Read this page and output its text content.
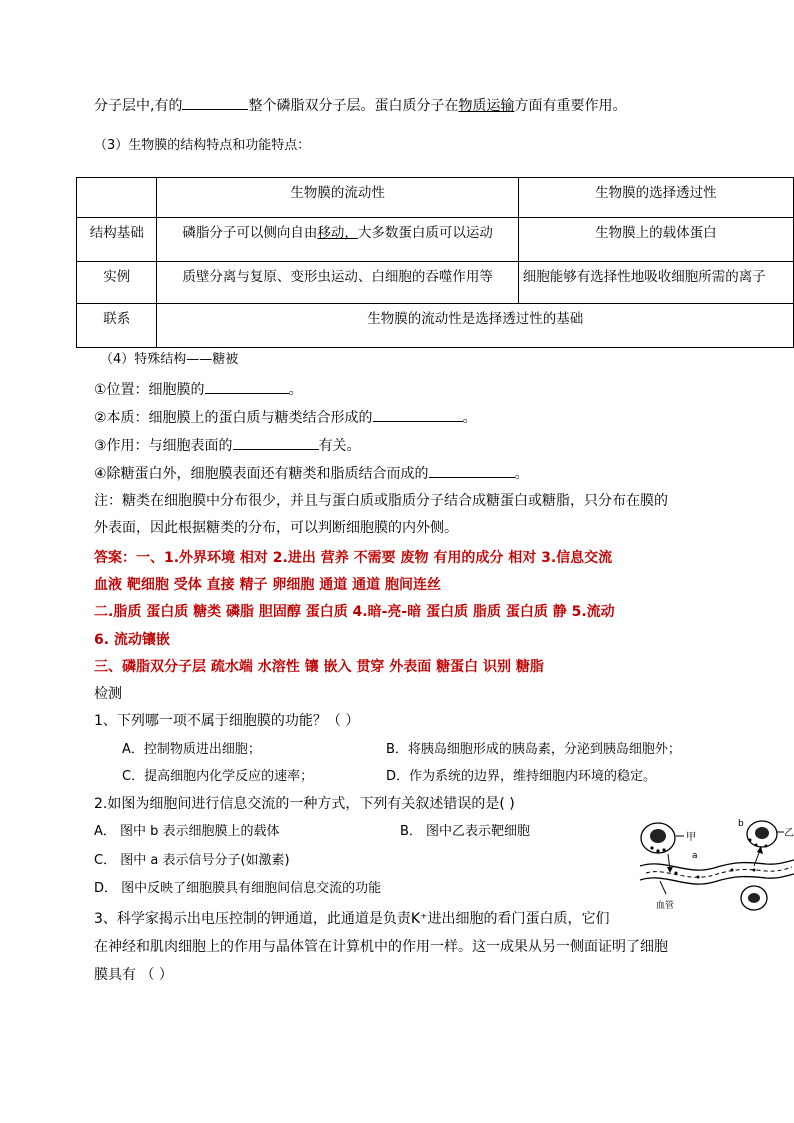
分子层中,有的	整个磷脂双分子层。蛋白质分子在物质运输方面有重要作用。
（3）生物膜的结构特点和功能特点：
	生物膜的流动性	生物膜的选择透过性
结构基础	磷脂分子可以侧向自由移动，大多数蛋白质可以运动	生物膜上的载体蛋白
实例	质壁分离与复原、变形虫运动、白细胞的吞噬作用等	细胞能够有选择性地吸收细胞所需的离子
联系	生物膜的流动性是选择透过性的基础	
（4）特殊结构——糖被
①位置：细胞膜的	。
②本质：细胞膜上的蛋白质与糖类结合形成的	。
③作用：与细胞表面的	有关。
④除糖蛋白外，细胞膜表面还有糖类和脂质结合而成的	。
注：糖类在细胞膜中分布很少，并且与蛋白质或脂质分子结合成糖蛋白或糖脂，只分布在膜的
外表面，因此根据糖类的分布，可以判断细胞膜的内外侧。
答案：一、1.外界环境 相对 2.进出 营养 不需要 废物 有用的成分 相对 3.信息交流
血液 靶细胞 受体 直接 精子 卵细胞 通道 通道 胞间连丝
二.脂质 蛋白质 糖类 磷脂 胆固醇 蛋白质 4.暗-亮-暗 蛋白质 脂质 蛋白质 静 5.流动
6. 流动镶嵌
三、磷脂双分子层 疏水端 水溶性 镶 嵌入 贯穿 外表面 糖蛋白 识别 糖脂
检测
1、下列哪一项不属于细胞膜的功能？（ ）
A．控制物质进出细胞；	B．将胰岛细胞形成的胰岛素，分泌到胰岛细胞外；
C．提高细胞内化学反应的速率；	D．作为系统的边界，维持细胞内环境的稳定。
2.如图为细胞间进行信息交流的一种方式，下列有关叙述错误的是( )
A． 图中 b 表示细胞膜上的载体	B． 图中乙表示靶细胞
C． 图中 a 表示信号分子(如激素)
D． 图中反映了细胞膜具有细胞间信息交流的功能
甲
a
血管
b
乙
3、科学家揭示出电压控制的钾通道，此通道是负责K⁺进出细胞的看门蛋白质，它们
在神经和肌肉细胞上的作用与晶体管在计算机中的作用一样。这一成果从另一侧面证明了细胞
膜具有 （ ）
